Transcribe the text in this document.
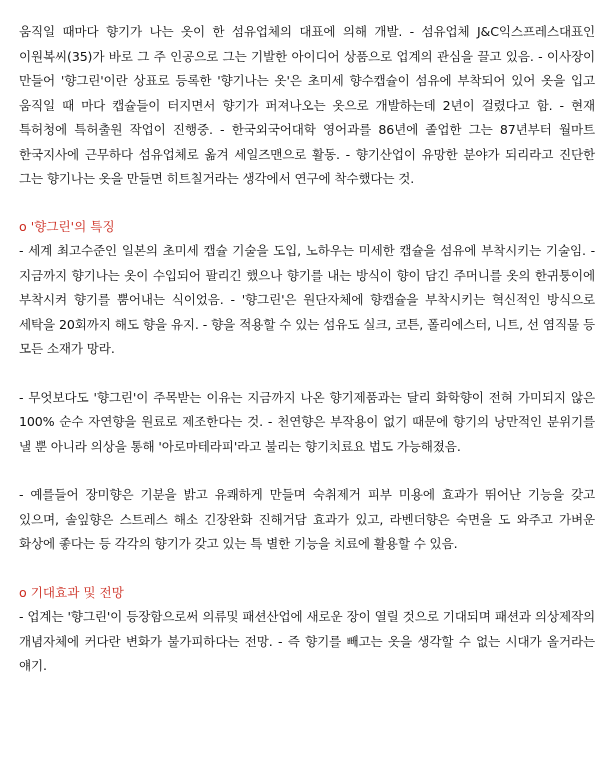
움직일 때마다 향기가 나는 옷이 한 섬유업체의 대표에 의해 개발. - 섬유업체 J&C익스프레스대표인 이원복씨(35)가 바로 그 주 인공으로 그는 기발한 아이디어 상품으로 업계의 관심을 끌고 있음. - 이사장이 만들어 '향그린'이란 상표로 등록한 '향기나는 옷'은 초미세 향수캡슐이 섬유에 부착되어 있어 옷을 입고 움직일 때 마다 캡슐들이 터지면서 향기가 퍼져나오는 옷으로 개발하는데 2년이 걸렸다고 함. - 현재 특허청에 특허출원 작업이 진행중. - 한국외국어대학 영어과를 86년에 졸업한 그는 87년부터 월마트 한국지사에 근무하다 섬유업체로 옮겨 세일즈맨으로 활동. - 향기산업이 유망한 분야가 되리라고 진단한 그는 향기나는 옷을 만들면 히트칠거라는 생각에서 연구에 착수했다는 것.

o '향그린'의 특징

- 세계 최고수준인 일본의 초미세 캡슐 기술을 도입, 노하우는 미세한 캡슐을 섬유에 부착시키는 기술임. - 지금까지 향기나는 옷이 수입되어 팔리긴 했으나 향기를 내는 방식이 향이 담긴 주머니를 옷의 한귀퉁이에 부착시켜 향기를 뿜어내는 식이었음. - '향그린'은 원단자체에 향캡슐을 부착시키는 혁신적인 방식으로 세탁을 20회까지 해도 향을 유지. - 향을 적용할 수 있는 섬유도 실크, 코튼, 폴리에스터, 니트, 선 염직물 등 모든 소재가 망라.

- 무엇보다도 '향그린'이 주목받는 이유는 지금까지 나온 향기제품과는 달리 화학향이 전혀 가미되지 않은 100% 순수 자연향을 원료로 제조한다는 것. - 천연향은 부작용이 없기 때문에 향기의 낭만적인 분위기를 낼 뿐 아니라 의상을 통해 '아로마테라피'라고 불리는 향기치료요 법도 가능해졌음.

- 예를들어 장미향은 기분을 밝고 유쾌하게 만들며 숙취제거 피부 미용에 효과가 뛰어난 기능을 갖고 있으며, 솔잎향은 스트레스 해소 긴장완화 진해거담 효과가 있고, 라벤더향은 숙면을 도 와주고 가벼운 화상에 좋다는 등 각각의 향기가 갖고 있는 특 별한 기능을 치료에 활용할 수 있음.

o 기대효과 및 전망

- 업계는 '향그린'이 등장함으로써 의류및 패션산업에 새로운 장이 열릴 것으로 기대되며 패션과 의상제작의 개념자체에 커다란 변화가 불가피하다는 전망. - 즉 향기를 빼고는 옷을 생각할 수 없는 시대가 올거라는 얘기.
